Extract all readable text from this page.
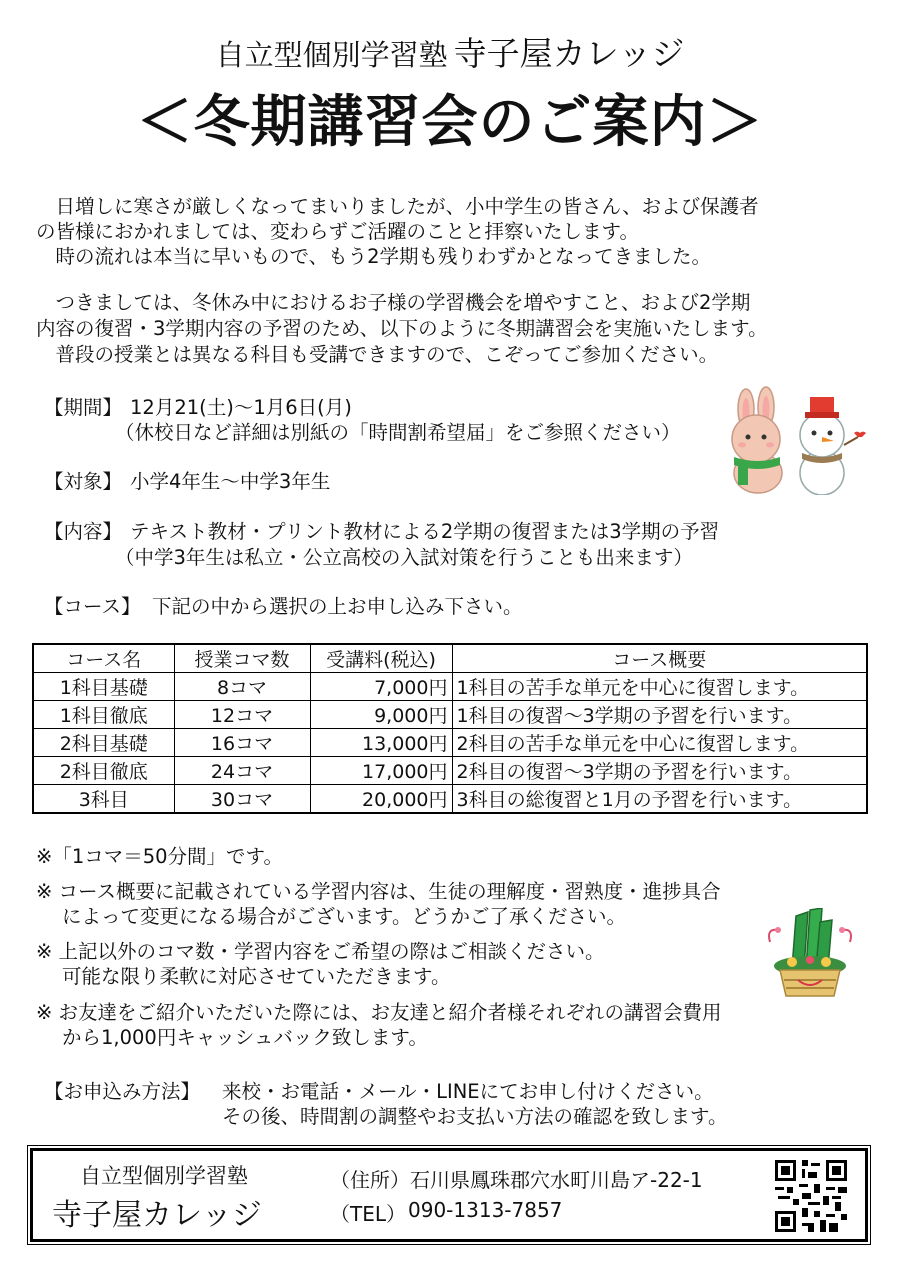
自立型個別学習塾 寺子屋カレッジ
＜冬期講習会のご案内＞
　日増しに寒さが厳しくなってまいりましたが、小中学生の皆さん、および保護者
の皆様におかれましては、変わらずご活躍のことと拝察いたします。
　時の流れは本当に早いもので、もう2学期も残りわずかとなってきました。
　つきましては、冬休み中におけるお子様の学習機会を増やすこと、および2学期
内容の復習・3学期内容の予習のため、以下のように冬期講習会を実施いたします。
　普段の授業とは異なる科目も受講できますので、こぞってご参加ください。
【期間】 12月21(土)～1月6日(月)
（休校日など詳細は別紙の「時間割希望届」をご参照ください）
【対象】 小学4年生～中学3年生
【内容】 テキスト教材・プリント教材による2学期の復習または3学期の予習
（中学3年生は私立・公立高校の入試対策を行うことも出来ます）
【コース】 下記の中から選択の上お申し込み下さい。
コース名	授業コマ数	受講料(税込)	コース概要
1科目基礎	8コマ	7,000円	1科目の苦手な単元を中心に復習します。
1科目徹底	12コマ	9,000円	1科目の復習～3学期の予習を行います。
2科目基礎	16コマ	13,000円	2科目の苦手な単元を中心に復習します。
2科目徹底	24コマ	17,000円	2科目の復習～3学期の予習を行います。
3科目	30コマ	20,000円	3科目の総復習と1月の予習を行います。
※「1コマ＝50分間」です。
※ コース概要に記載されている学習内容は、生徒の理解度・習熟度・進捗具合
によって変更になる場合がございます。どうかご了承ください。
※ 上記以外のコマ数・学習内容をご希望の際はご相談ください。
可能な限り柔軟に対応させていただきます。
※ お友達をご紹介いただいた際には、お友達と紹介者様それぞれの講習会費用
から1,000円キャッシュバック致します。
【お申込み方法】 来校・お電話・メール・LINEにてお申し付けください。
その後、時間割の調整やお支払い方法の確認を致します。
自立型個別学習塾
寺子屋カレッジ
（住所） 石川県鳳珠郡穴水町川島ア-22-1
（TEL） 090-1313-7857
